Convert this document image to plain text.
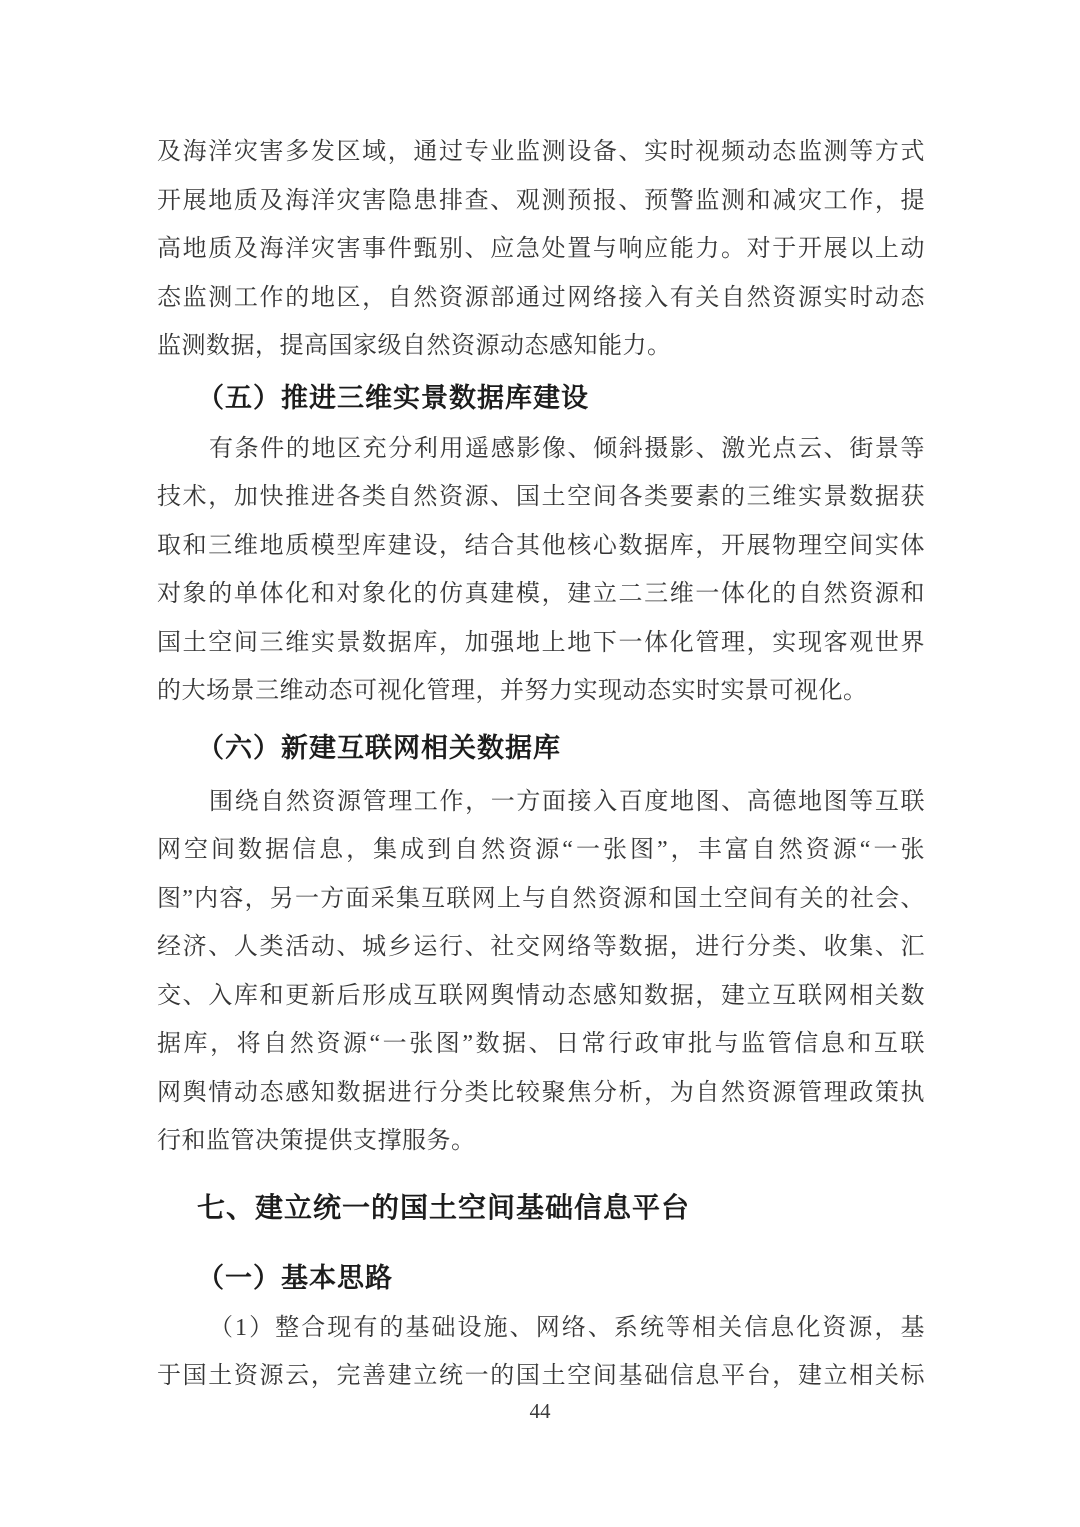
及海洋灾害多发区域，通过专业监测设备、实时视频动态监测等方式
开展地质及海洋灾害隐患排查、观测预报、预警监测和减灾工作，提
高地质及海洋灾害事件甄别、应急处置与响应能力。对于开展以上动
态监测工作的地区，自然资源部通过网络接入有关自然资源实时动态
监测数据，提高国家级自然资源动态感知能力。
（五）推进三维实景数据库建设
有条件的地区充分利用遥感影像、倾斜摄影、激光点云、街景等
技术，加快推进各类自然资源、国土空间各类要素的三维实景数据获
取和三维地质模型库建设，结合其他核心数据库，开展物理空间实体
对象的单体化和对象化的仿真建模，建立二三维一体化的自然资源和
国土空间三维实景数据库，加强地上地下一体化管理，实现客观世界
的大场景三维动态可视化管理，并努力实现动态实时实景可视化。
（六）新建互联网相关数据库
围绕自然资源管理工作，一方面接入百度地图、高德地图等互联
网空间数据信息，集成到自然资源“一张图”，丰富自然资源“一张
图”内容，另一方面采集互联网上与自然资源和国土空间有关的社会、
经济、人类活动、城乡运行、社交网络等数据，进行分类、收集、汇
交、入库和更新后形成互联网舆情动态感知数据，建立互联网相关数
据库，将自然资源“一张图”数据、日常行政审批与监管信息和互联
网舆情动态感知数据进行分类比较聚焦分析，为自然资源管理政策执
行和监管决策提供支撑服务。
七、建立统一的国土空间基础信息平台
（一）基本思路
（1）整合现有的基础设施、网络、系统等相关信息化资源，基
于国土资源云，完善建立统一的国土空间基础信息平台，建立相关标
44
